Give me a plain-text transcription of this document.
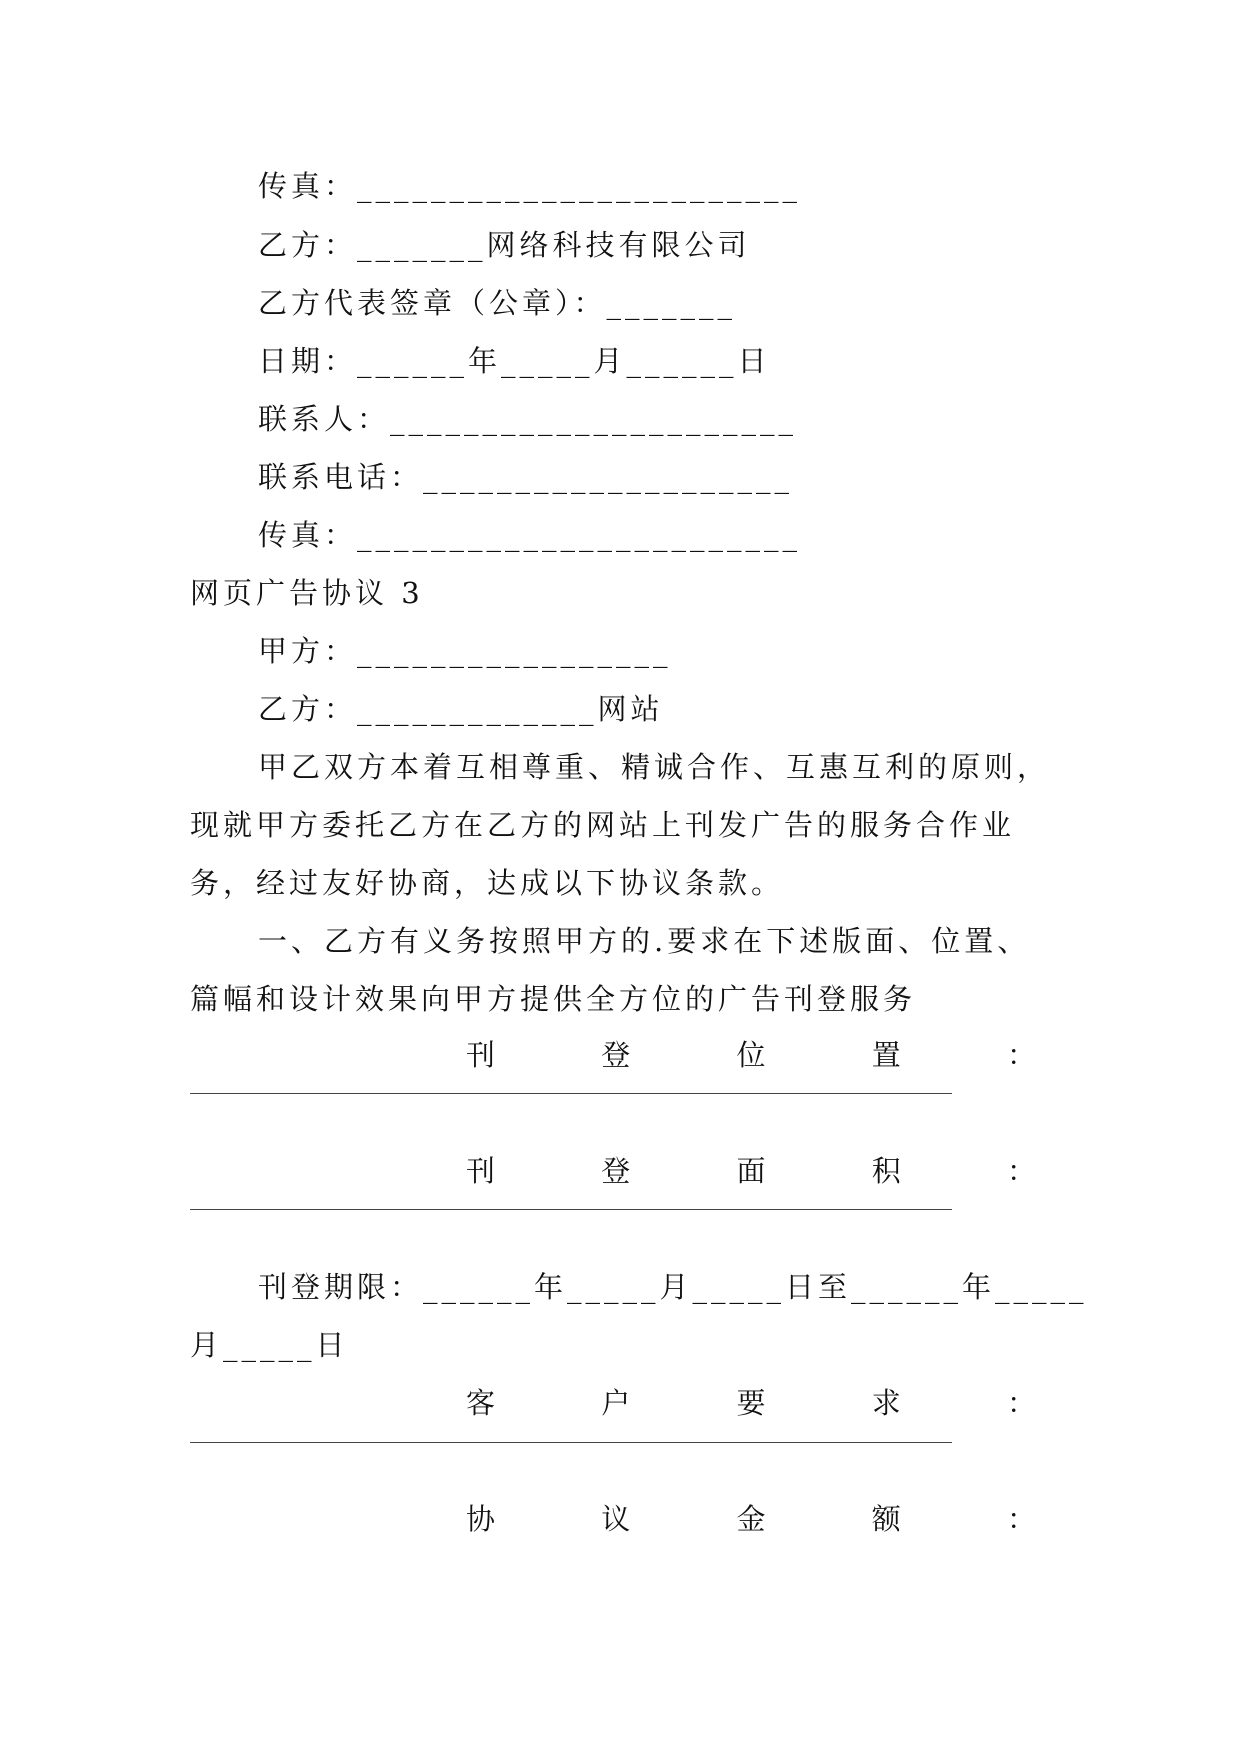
传真：________________________
乙方：_______网络科技有限公司
乙方代表签章（公章）：_______
日期：______年_____月______日
联系人：______________________
联系电话：____________________
传真：________________________
网页广告协议 3
甲方：_________________
乙方：_____________网站
甲乙双方本着互相尊重、精诚合作、互惠互利的原则，
现就甲方委托乙方在乙方的网站上刊发广告的服务合作业
务，经过友好协商，达成以下协议条款。
一、乙方有义务按照甲方的.要求在下述版面、位置、
篇幅和设计效果向甲方提供全方位的广告刊登服务
刊	登	位	置	：
刊	登	面	积	：
刊登期限：______年_____月_____日至______年_____
月_____日
客	户	要	求	：
协	议	金	额	：
